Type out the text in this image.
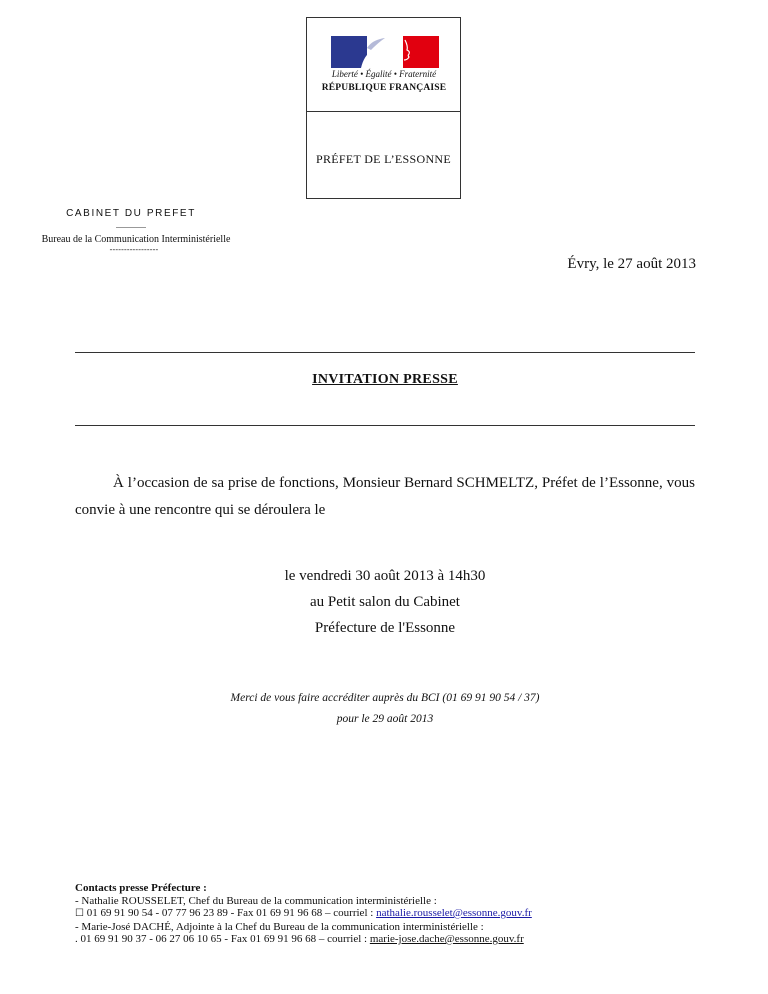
Liberté • Égalité • Fraternité
RÉPUBLIQUE FRANÇAISE
PRÉFET DE L’ESSONNE
CABINET DU PREFET
Bureau de la Communication Interministérielle
-----------------
Évry, le 27 août 2013
INVITATION PRESSE
À l’occasion de sa prise de fonctions, Monsieur Bernard SCHMELTZ, Préfet de l’Essonne, vous convie à une rencontre qui se déroulera le
le vendredi 30 août 2013 à 14h30
au Petit salon du Cabinet
Préfecture de l'Essonne
Merci de vous faire accréditer auprès du BCI (01 69 91 90 54 / 37)
pour le 29 août 2013
Contacts presse Préfecture :
- Nathalie ROUSSELET, Chef du Bureau de la communication interministérielle :
☐ 01 69 91 90 54 - 07 77 96 23 89 - Fax 01 69 91 96 68 – courriel : nathalie.rousselet@essonne.gouv.fr
- Marie-José DACHÉ, Adjointe à la Chef du Bureau de la communication interministérielle :
. 01 69 91 90 37 - 06 27 06 10 65 - Fax 01 69 91 96 68 – courriel : marie-jose.dache@essonne.gouv.fr
